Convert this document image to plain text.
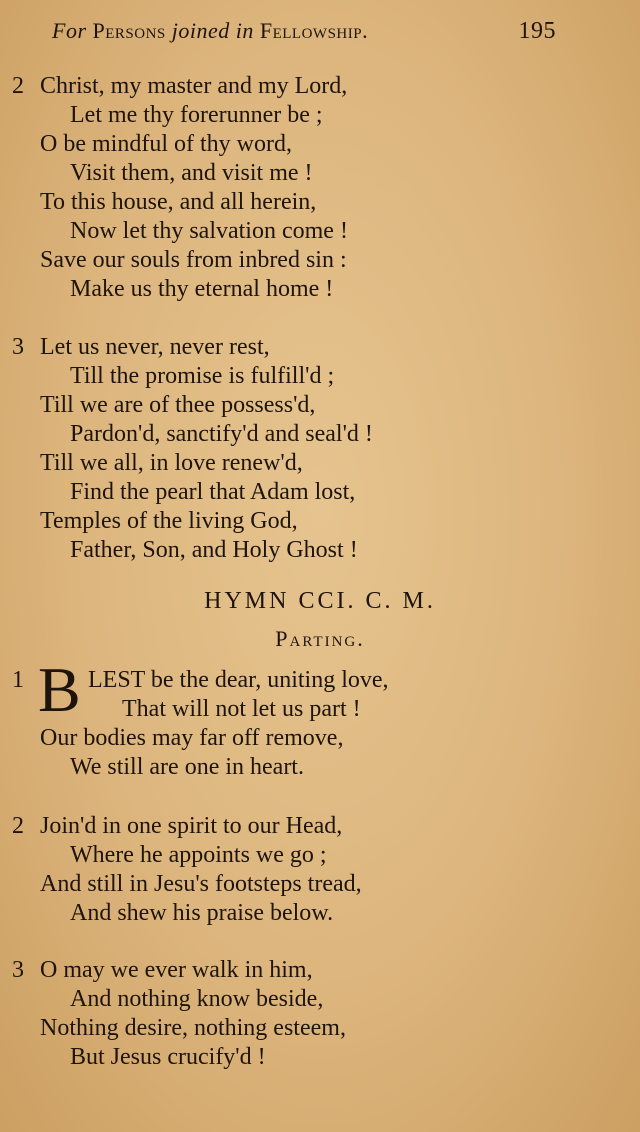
For Persons joined in Fellowship.	195
2 Christ, my master and my Lord,
Let me thy forerunner be ;
O be mindful of thy word,
Visit them, and visit me !
To this house, and all herein,
Now let thy salvation come !
Save our souls from inbred sin :
Make us thy eternal home !
3 Let us never, never rest,
Till the promise is fulfill'd ;
Till we are of thee possess'd,
Pardon'd, sanctify'd and seal'd !
Till we all, in love renew'd,
Find the pearl that Adam lost,
Temples of the living God,
Father, Son, and Holy Ghost !
HYMN CCI. C. M.
Parting.
1 B LEST be the dear, uniting love,
That will not let us part !
Our bodies may far off remove,
We still are one in heart.
2 Join'd in one spirit to our Head,
Where he appoints we go ;
And still in Jesu's footsteps tread,
And shew his praise below.
3 O may we ever walk in him,
And nothing know beside,
Nothing desire, nothing esteem,
But Jesus crucify'd !
